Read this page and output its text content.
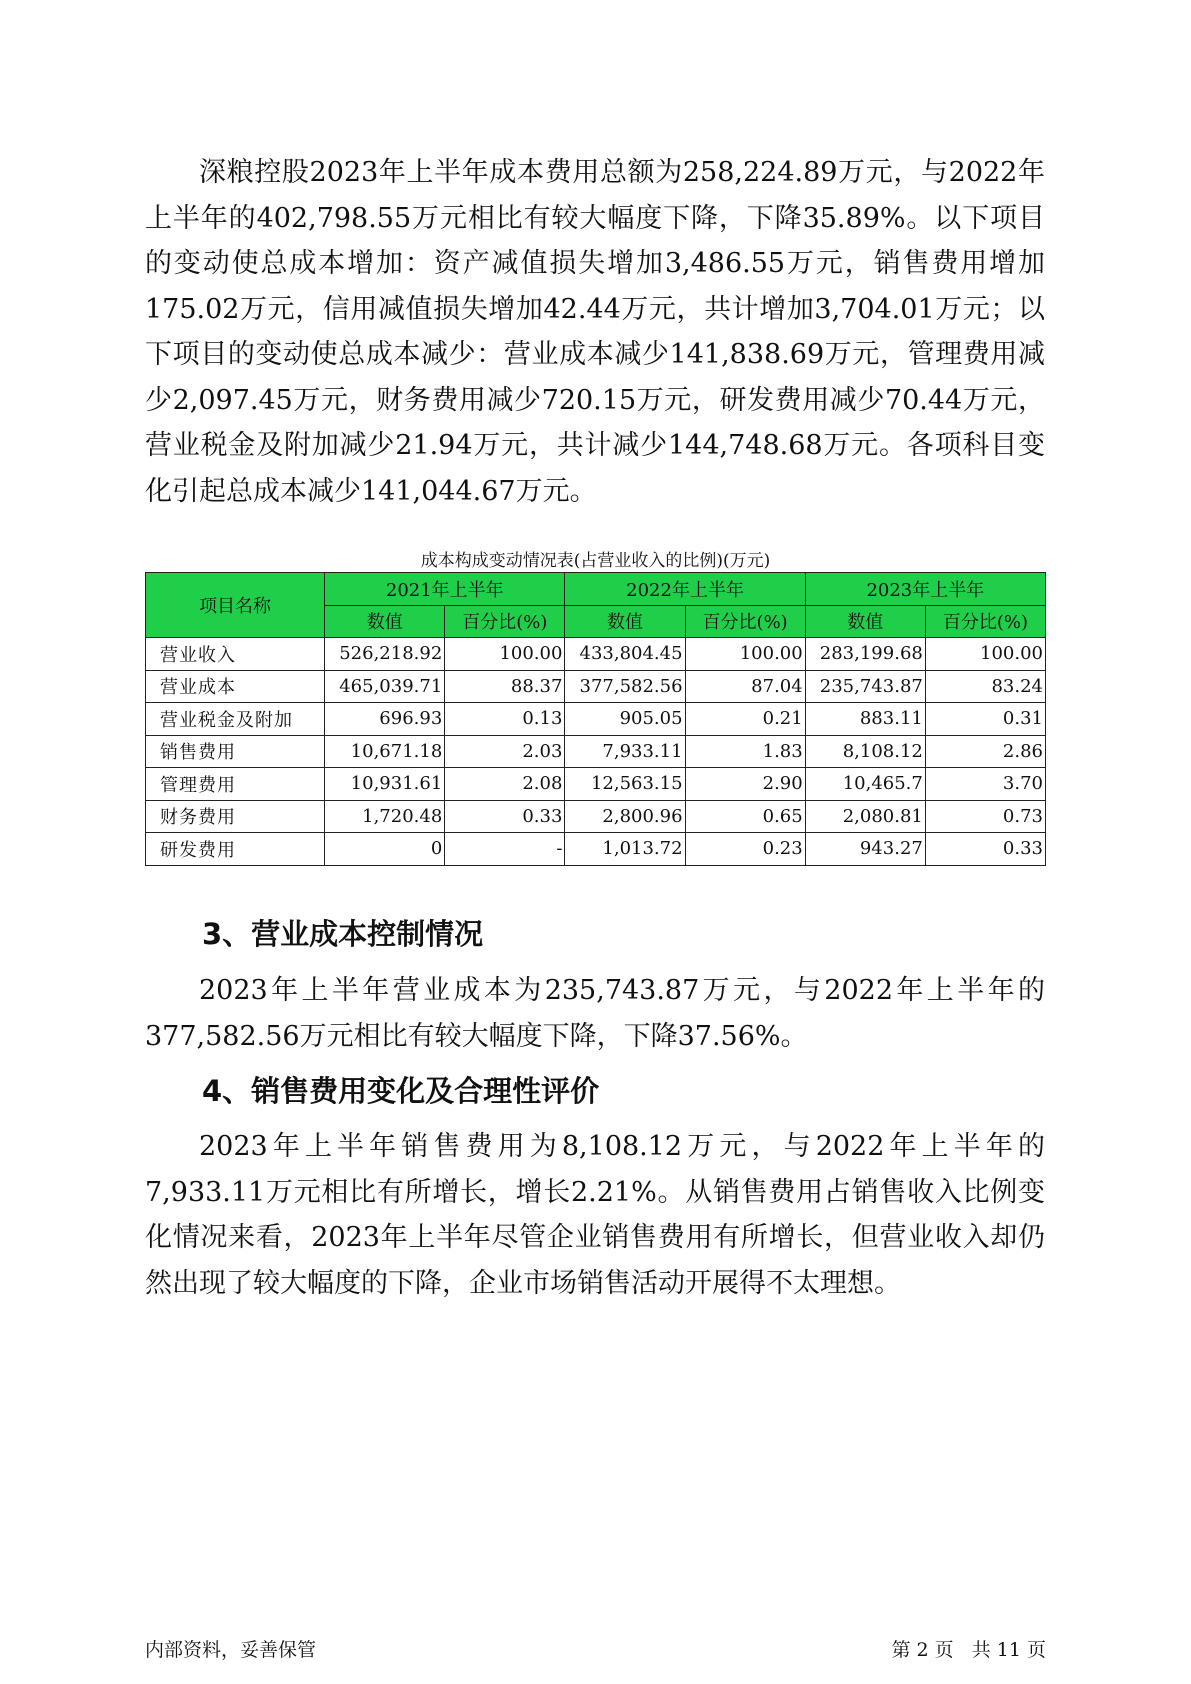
深粮控股2023年上半年成本费用总额为258,224.89万元，与2022年上半年的402,798.55万元相比有较大幅度下降，下降35.89%。以下项目的变动使总成本增加：资产减值损失增加3,486.55万元，销售费用增加175.02万元，信用减值损失增加42.44万元，共计增加3,704.01万元；以下项目的变动使总成本减少：营业成本减少141,838.69万元，管理费用减少2,097.45万元，财务费用减少720.15万元，研发费用减少70.44万元，营业税金及附加减少21.94万元，共计减少144,748.68万元。各项科目变化引起总成本减少141,044.67万元。

成本构成变动情况表(占营业收入的比例)(万元)
项目名称	2021年上半年		2022年上半年		2023年上半年	
	数值	百分比(%)	数值	百分比(%)	数值	百分比(%)
营业收入	526,218.92	100.00	433,804.45	100.00	283,199.68	100.00
营业成本	465,039.71	88.37	377,582.56	87.04	235,743.87	83.24
营业税金及附加	696.93	0.13	905.05	0.21	883.11	0.31
销售费用	10,671.18	2.03	7,933.11	1.83	8,108.12	2.86
管理费用	10,931.61	2.08	12,563.15	2.90	10,465.7	3.70
财务费用	1,720.48	0.33	2,800.96	0.65	2,080.81	0.73
研发费用	0	-	1,013.72	0.23	943.27	0.33
3、营业成本控制情况

2023年上半年营业成本为235,743.87万元，与2022年上半年的377,582.56万元相比有较大幅度下降，下降37.56%。

4、销售费用变化及合理性评价

2023年上半年销售费用为8,108.12万元，与2022年上半年的7,933.11万元相比有所增长，增长2.21%。从销售费用占销售收入比例变化情况来看，2023年上半年尽管企业销售费用有所增长，但营业收入却仍然出现了较大幅度的下降，企业市场销售活动开展得不太理想。

内部资料，妥善保管	第 2 页   共 11 页
